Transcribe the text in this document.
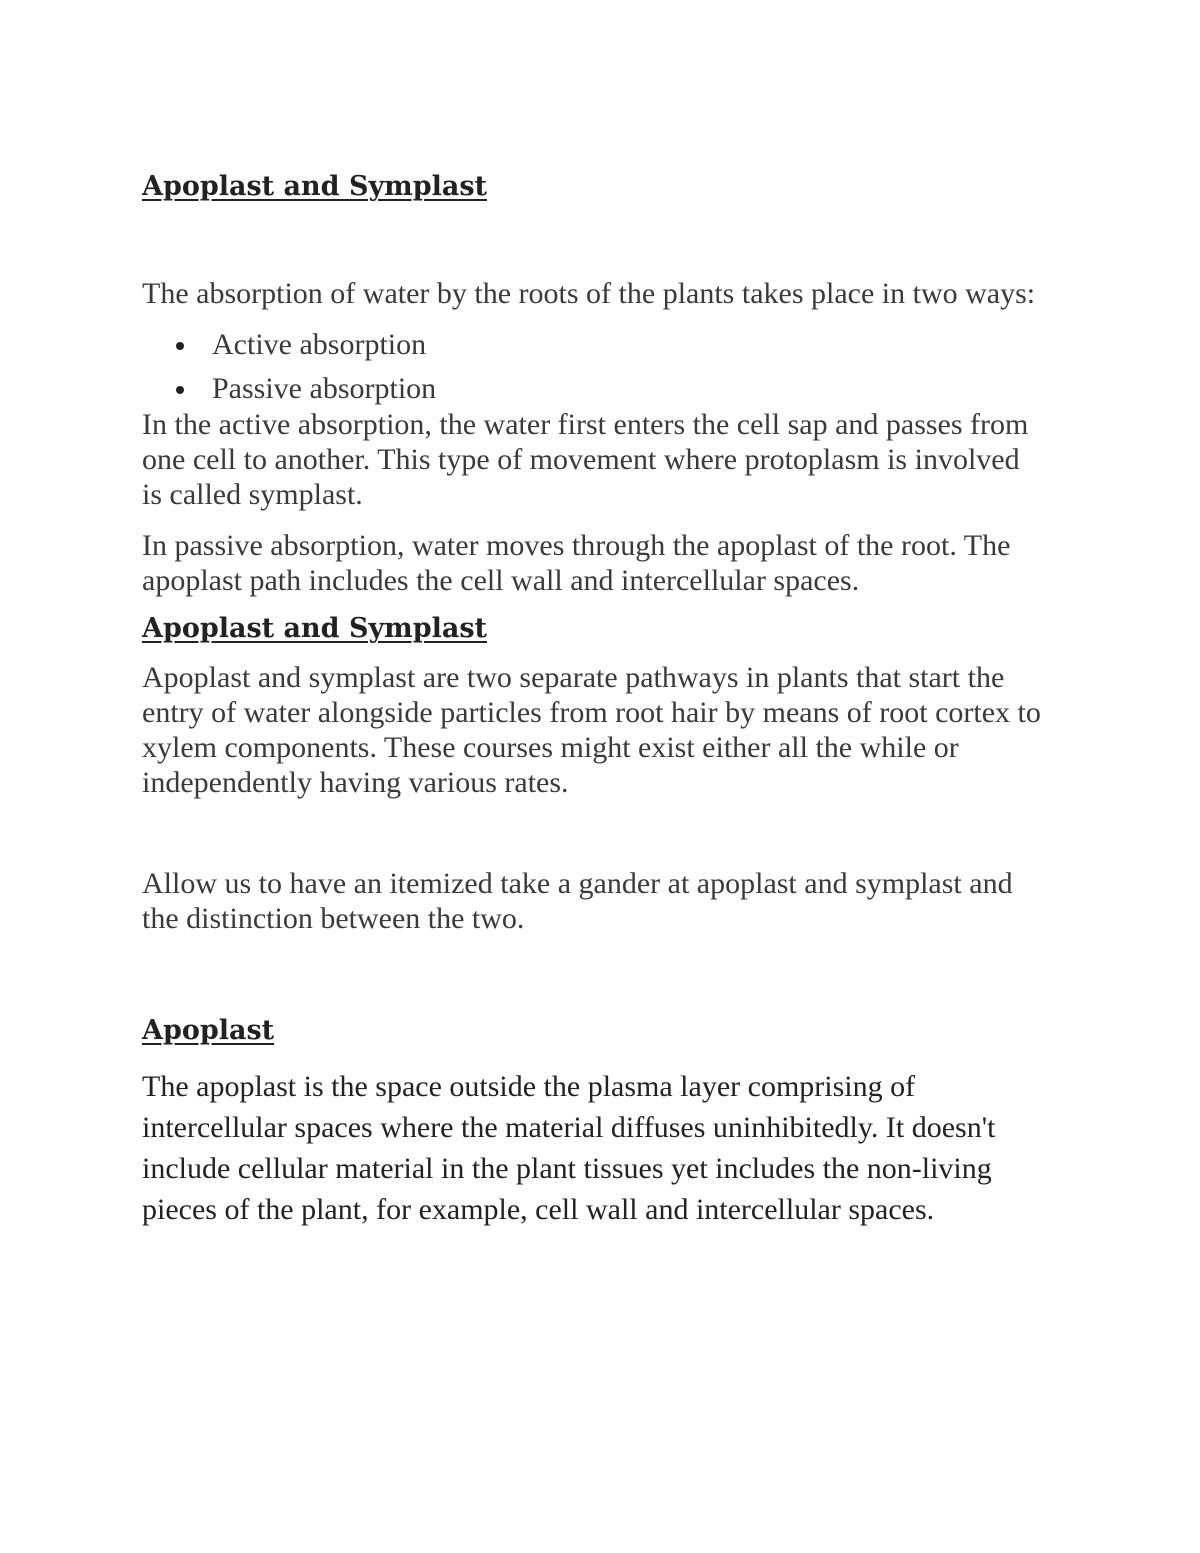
Apoplast and Symplast

The absorption of water by the roots of the plants takes place in two ways:

Active absorption
Passive absorption

In the active absorption, the water first enters the cell sap and passes from one cell to another. This type of movement where protoplasm is involved is called symplast.

In passive absorption, water moves through the apoplast of the root. The apoplast path includes the cell wall and intercellular spaces.

Apoplast and Symplast

Apoplast and symplast are two separate pathways in plants that start the entry of water alongside particles from root hair by means of root cortex to xylem components. These courses might exist either all the while or independently having various rates.

Allow us to have an itemized take a gander at apoplast and symplast and the distinction between the two.

Apoplast

The apoplast is the space outside the plasma layer comprising of intercellular spaces where the material diffuses uninhibitedly. It doesn't include cellular material in the plant tissues yet includes the non-living pieces of the plant, for example, cell wall and intercellular spaces.
